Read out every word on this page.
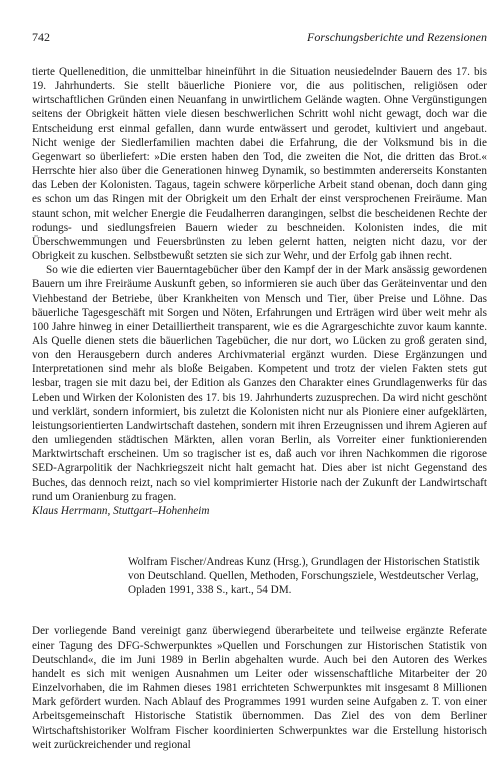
742	Forschungsberichte und Rezensionen

tierte Quellenedition, die unmittelbar hineinführt in die Situation neusiedelnder Bauern des 17. bis 19. Jahrhunderts. Sie stellt bäuerliche Pioniere vor, die aus politischen, religiösen oder wirtschaftlichen Gründen einen Neuanfang in unwirtlichem Gelände wagten. Ohne Vergünstigungen seitens der Obrigkeit hätten viele diesen beschwerlichen Schritt wohl nicht gewagt, doch war die Entscheidung erst einmal gefallen, dann wurde entwässert und gerodet, kultiviert und angebaut. Nicht wenige der Siedlerfamilien machten dabei die Erfahrung, die der Volksmund bis in die Gegenwart so überliefert: »Die ersten haben den Tod, die zweiten die Not, die dritten das Brot.« Herrschte hier also über die Generationen hinweg Dynamik, so bestimmten andererseits Konstanten das Leben der Kolonisten. Tagaus, tagein schwere körperliche Arbeit stand obenan, doch dann ging es schon um das Ringen mit der Obrigkeit um den Erhalt der einst versprochenen Freiräume. Man staunt schon, mit welcher Energie die Feudalherren darangingen, selbst die bescheidenen Rechte der rodungs- und siedlungsfreien Bauern wieder zu beschneiden. Kolonisten indes, die mit Überschwemmungen und Feuersbrünsten zu leben gelernt hatten, neigten nicht dazu, vor der Obrigkeit zu kuschen. Selbstbewußt setzten sie sich zur Wehr, und der Erfolg gab ihnen recht.

So wie die edierten vier Bauerntagebücher über den Kampf der in der Mark ansässig gewordenen Bauern um ihre Freiräume Auskunft geben, so informieren sie auch über das Geräteinventar und den Viehbestand der Betriebe, über Krankheiten von Mensch und Tier, über Preise und Löhne. Das bäuerliche Tagesgeschäft mit Sorgen und Nöten, Erfahrungen und Erträgen wird über weit mehr als 100 Jahre hinweg in einer Detailliertheit transparent, wie es die Agrargeschichte zuvor kaum kannte. Als Quelle dienen stets die bäuerlichen Tagebücher, die nur dort, wo Lücken zu groß geraten sind, von den Herausgebern durch anderes Archivmaterial ergänzt wurden. Diese Ergänzungen und Interpretationen sind mehr als bloße Beigaben. Kompetent und trotz der vielen Fakten stets gut lesbar, tragen sie mit dazu bei, der Edition als Ganzes den Charakter eines Grundlagenwerks für das Leben und Wirken der Kolonisten des 17. bis 19. Jahrhunderts zuzusprechen. Da wird nicht geschönt und verklärt, sondern informiert, bis zuletzt die Kolonisten nicht nur als Pioniere einer aufgeklärten, leistungsorientierten Landwirtschaft dastehen, sondern mit ihren Erzeugnissen und ihrem Agieren auf den umliegenden städtischen Märkten, allen voran Berlin, als Vorreiter einer funktionierenden Marktwirtschaft erscheinen. Um so tragischer ist es, daß auch vor ihren Nachkommen die rigorose SED-Agrarpolitik der Nachkriegszeit nicht halt gemacht hat. Dies aber ist nicht Gegenstand des Buches, das dennoch reizt, nach so viel komprimierter Historie nach der Zukunft der Landwirtschaft rund um Oranienburg zu fragen.

Klaus Herrmann, Stuttgart–Hohenheim

Wolfram Fischer/Andreas Kunz (Hrsg.), Grundlagen der Historischen Statistik von Deutschland. Quellen, Methoden, Forschungsziele, Westdeutscher Verlag, Opladen 1991, 338 S., kart., 54 DM.

Der vorliegende Band vereinigt ganz überwiegend überarbeitete und teilweise ergänzte Referate einer Tagung des DFG-Schwerpunktes »Quellen und Forschungen zur Historischen Statistik von Deutschland«, die im Juni 1989 in Berlin abgehalten wurde. Auch bei den Autoren des Werkes handelt es sich mit wenigen Ausnahmen um Leiter oder wissenschaftliche Mitarbeiter der 20 Einzelvorhaben, die im Rahmen dieses 1981 errichteten Schwerpunktes mit insgesamt 8 Millionen Mark gefördert wurden. Nach Ablauf des Programmes 1991 wurden seine Aufgaben z. T. von einer Arbeitsgemeinschaft Historische Statistik übernommen. Das Ziel des von dem Berliner Wirtschaftshistoriker Wolfram Fischer koordinierten Schwerpunktes war die Erstellung historisch weit zurückreichender und regional
